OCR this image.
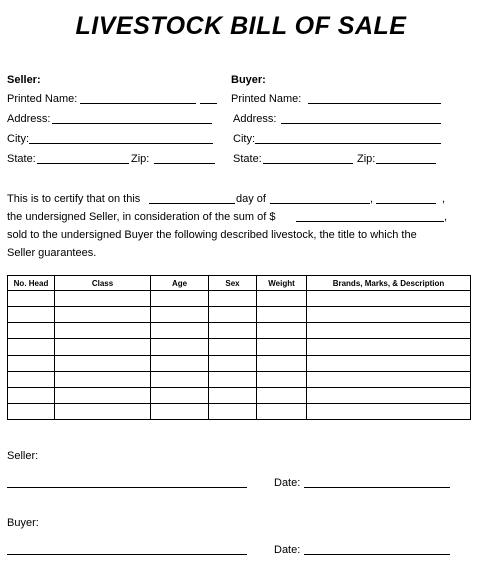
LIVESTOCK BILL OF SALE
Seller:
Printed Name:
Address:
City:
State:	Zip:
Buyer:
Printed Name:
Address:
City:
State:	Zip:
This is to certify that on this	day of	,	,
the undersigned Seller, in consideration of the sum of $	,
sold to the undersigned Buyer the following described livestock, the title to which the
Seller guarantees.
No. Head	Class	Age	Sex	Weight	Brands, Marks, & Description

Seller:
Date:
Buyer:
Date:
